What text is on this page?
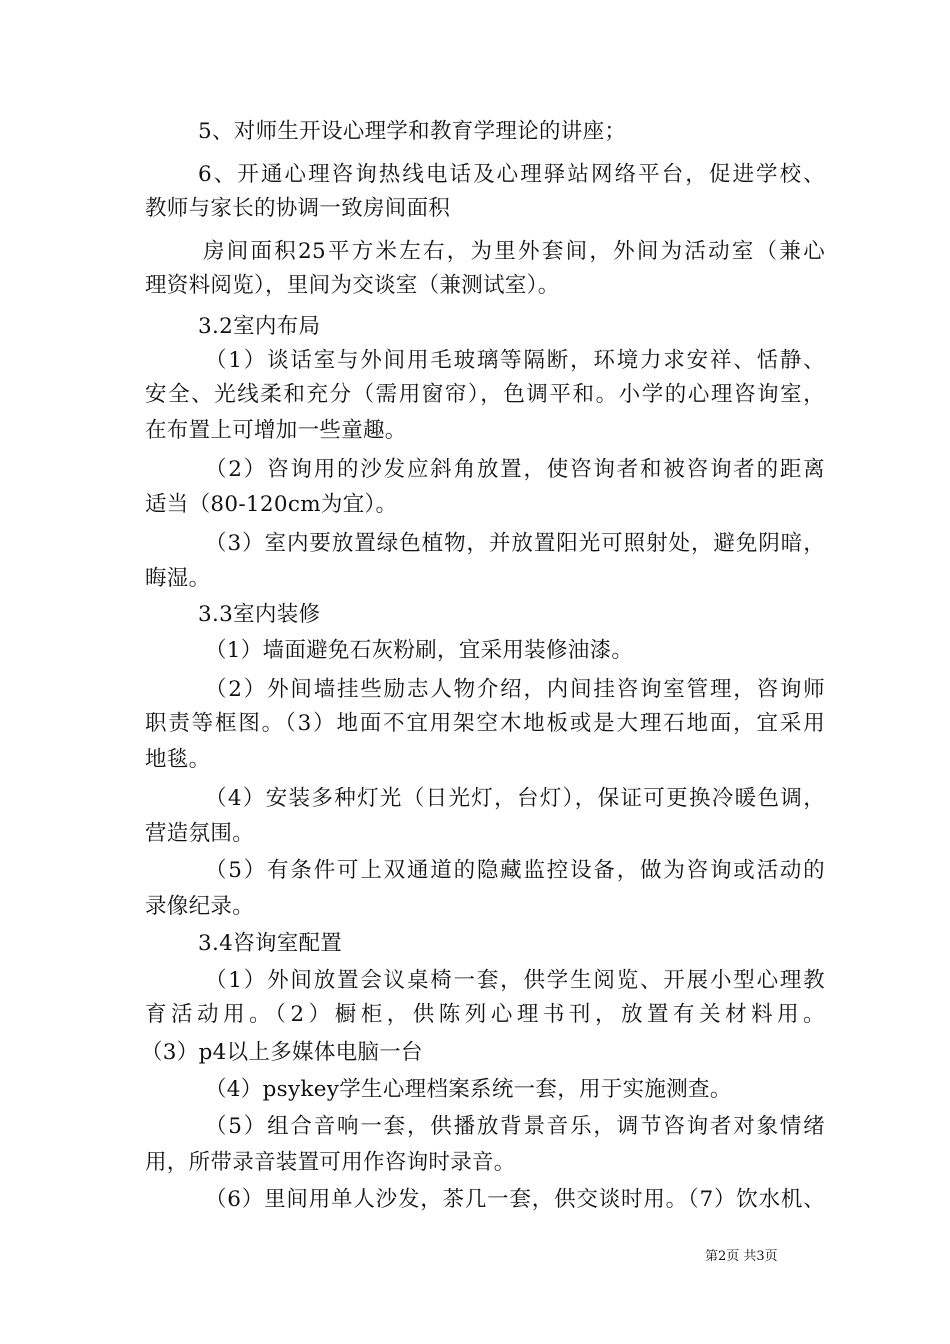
5、对师生开设心理学和教育学理论的讲座；
6、开通心理咨询热线电话及心理驿站网络平台，促进学校、
教师与家长的协调一致房间面积
房间面积25平方米左右，为里外套间，外间为活动室（兼心
理资料阅览），里间为交谈室（兼测试室）。
3.2室内布局
（1）谈话室与外间用毛玻璃等隔断，环境力求安祥、恬静、
安全、光线柔和充分（需用窗帘），色调平和。小学的心理咨询室，
在布置上可增加一些童趣。
（2）咨询用的沙发应斜角放置，使咨询者和被咨询者的距离
适当（80-120cm为宜）。
（3）室内要放置绿色植物，并放置阳光可照射处，避免阴暗，
晦湿。
3.3室内装修
（1）墙面避免石灰粉刷，宜采用装修油漆。
（2）外间墙挂些励志人物介绍，内间挂咨询室管理，咨询师
职责等框图。（3）地面不宜用架空木地板或是大理石地面，宜采用
地毯。
（4）安装多种灯光（日光灯，台灯），保证可更换冷暖色调，
营造氛围。
（5）有条件可上双通道的隐藏监控设备，做为咨询或活动的
录像纪录。
3.4咨询室配置
（1）外间放置会议桌椅一套，供学生阅览、开展小型心理教
育活动用。（2）橱柜，供陈列心理书刊，放置有关材料用。
（3）p4以上多媒体电脑一台
（4）psykey学生心理档案系统一套，用于实施测查。
（5）组合音响一套，供播放背景音乐，调节咨询者对象情绪
用，所带录音装置可用作咨询时录音。
（6）里间用单人沙发，茶几一套，供交谈时用。（7）饮水机、
第2页 共3页
